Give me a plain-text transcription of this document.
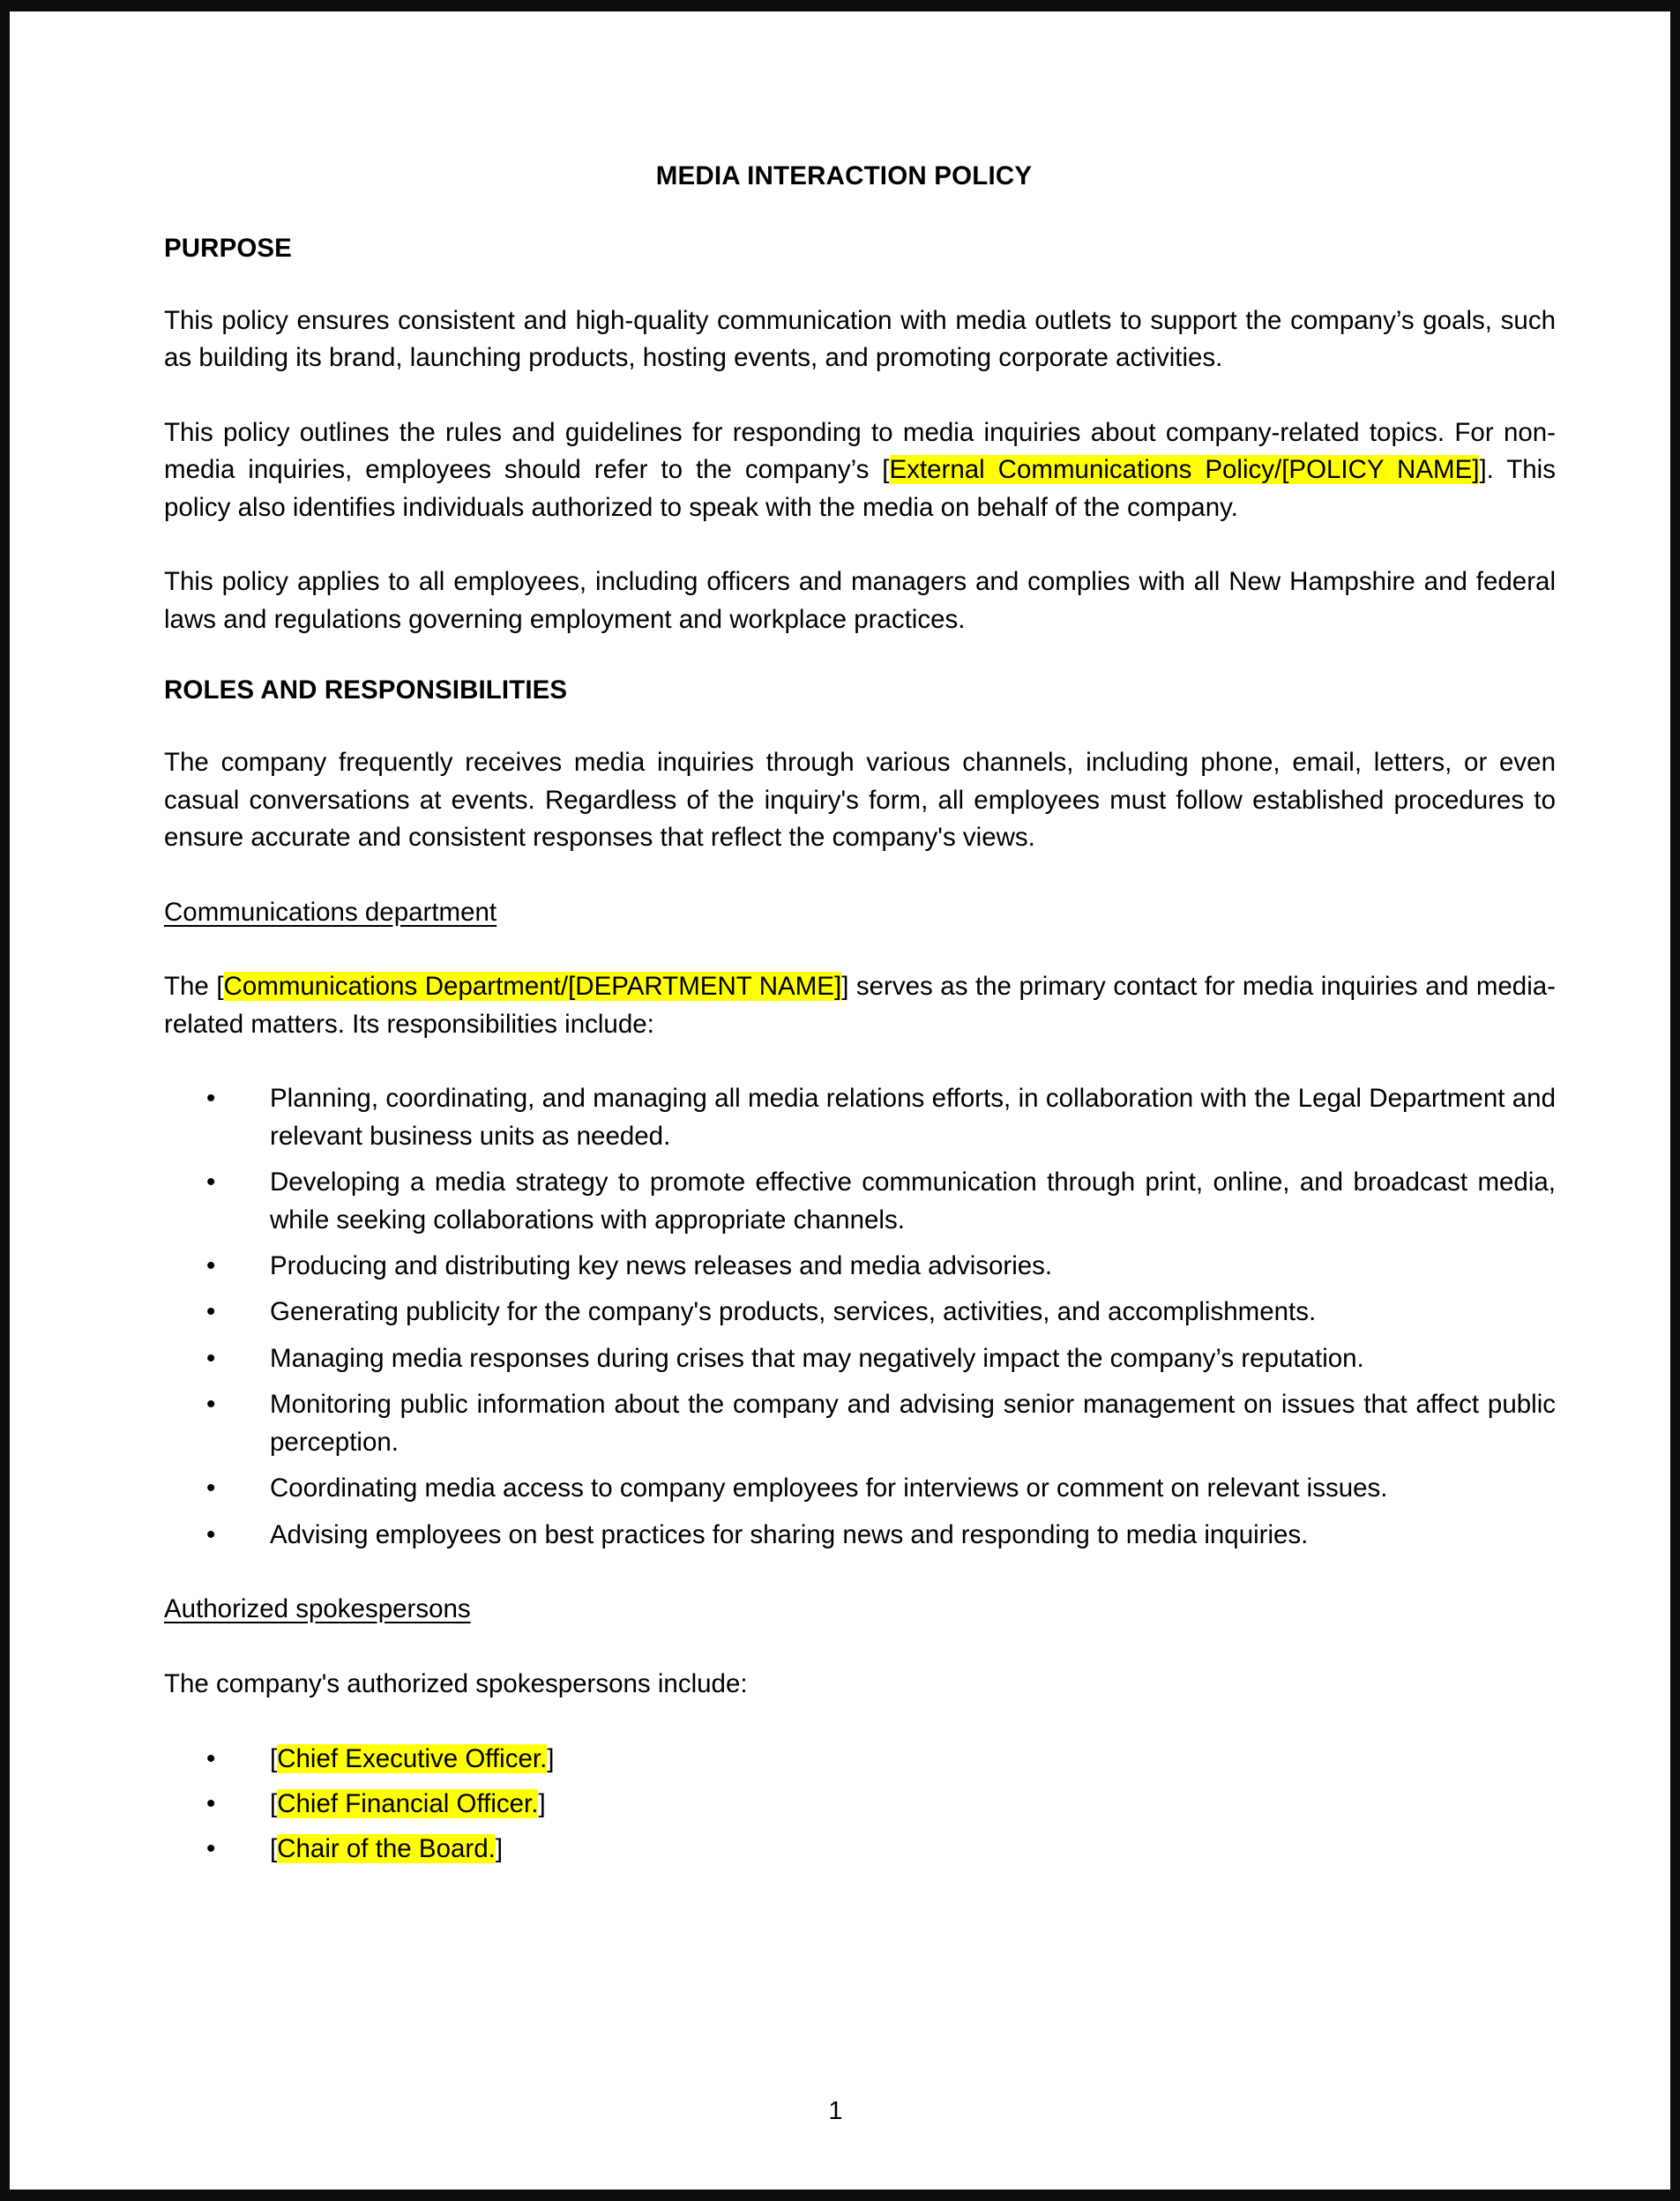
MEDIA INTERACTION POLICY
PURPOSE

This policy ensures consistent and high-quality communication with media outlets to support the company’s goals, such as building its brand, launching products, hosting events, and promoting corporate activities.

This policy outlines the rules and guidelines for responding to media inquiries about company-related topics. For non-media inquiries, employees should refer to the company’s [External Communications Policy/[POLICY NAME]]. This policy also identifies individuals authorized to speak with the media on behalf of the company.

This policy applies to all employees, including officers and managers and complies with all New Hampshire and federal laws and regulations governing employment and workplace practices.

ROLES AND RESPONSIBILITIES

The company frequently receives media inquiries through various channels, including phone, email, letters, or even casual conversations at events. Regardless of the inquiry's form, all employees must follow established procedures to ensure accurate and consistent responses that reflect the company's views.

Communications department

The [Communications Department/[DEPARTMENT NAME]] serves as the primary contact for media inquiries and media-related matters. Its responsibilities include:

• Planning, coordinating, and managing all media relations efforts, in collaboration with the Legal Department and relevant business units as needed.
• Developing a media strategy to promote effective communication through print, online, and broadcast media, while seeking collaborations with appropriate channels.
• Producing and distributing key news releases and media advisories.
• Generating publicity for the company's products, services, activities, and accomplishments.
• Managing media responses during crises that may negatively impact the company’s reputation.
• Monitoring public information about the company and advising senior management on issues that affect public perception.
• Coordinating media access to company employees for interviews or comment on relevant issues.
• Advising employees on best practices for sharing news and responding to media inquiries.
Authorized spokespersons

The company's authorized spokespersons include:

• [Chief Executive Officer.]
• [Chief Financial Officer.]
• [Chair of the Board.]
1
